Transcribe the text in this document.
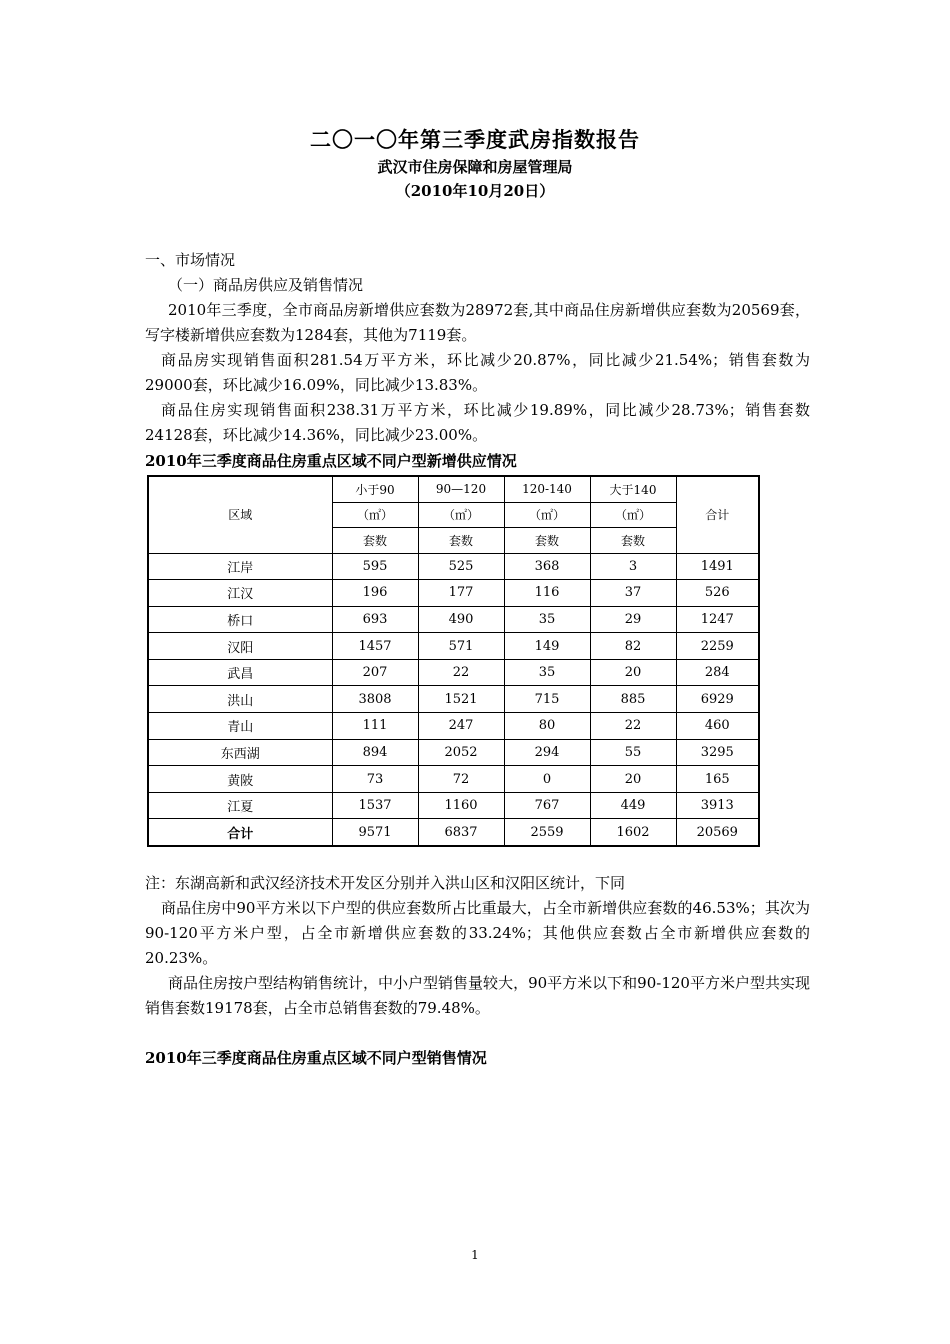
二〇一〇年第三季度武房指数报告
武汉市住房保障和房屋管理局
（2010年10月20日）
一、市场情况
（一）商品房供应及销售情况

2010年三季度，全市商品房新增供应套数为28972套,其中商品住房新增供应套数为20569套，写字楼新增供应套数为1284套，其他为7119套。

商品房实现销售面积281.54万平方米，环比减少20.87%，同比减少21.54%；销售套数为29000套，环比减少16.09%，同比减少13.83%。

商品住房实现销售面积238.31万平方米，环比减少19.89%，同比减少28.73%；销售套数24128套，环比减少14.36%，同比减少23.00%。

2010年三季度商品住房重点区域不同户型新增供应情况
区域	小于90	90—120	120-140	大于140	合计
	（㎡）	（㎡）	（㎡）	（㎡）	
	套数	套数	套数	套数	
江岸	595	525	368	3	1491
江汉	196	177	116	37	526
桥口	693	490	35	29	1247
汉阳	1457	571	149	82	2259
武昌	207	22	35	20	284
洪山	3808	1521	715	885	6929
青山	111	247	80	22	460
东西湖	894	2052	294	55	3295
黄陂	73	72	0	20	165
江夏	1537	1160	767	449	3913
合计	9571	6837	2559	1602	20569

注：东湖高新和武汉经济技术开发区分别并入洪山区和汉阳区统计，下同

商品住房中90平方米以下户型的供应套数所占比重最大，占全市新增供应套数的46.53%；其次为90-120平方米户型，占全市新增供应套数的33.24%；其他供应套数占全市新增供应套数的20.23%。

商品住房按户型结构销售统计，中小户型销售量较大，90平方米以下和90-120平方米户型共实现销售套数19178套，占全市总销售套数的79.48%。

2010年三季度商品住房重点区域不同户型销售情况
1
